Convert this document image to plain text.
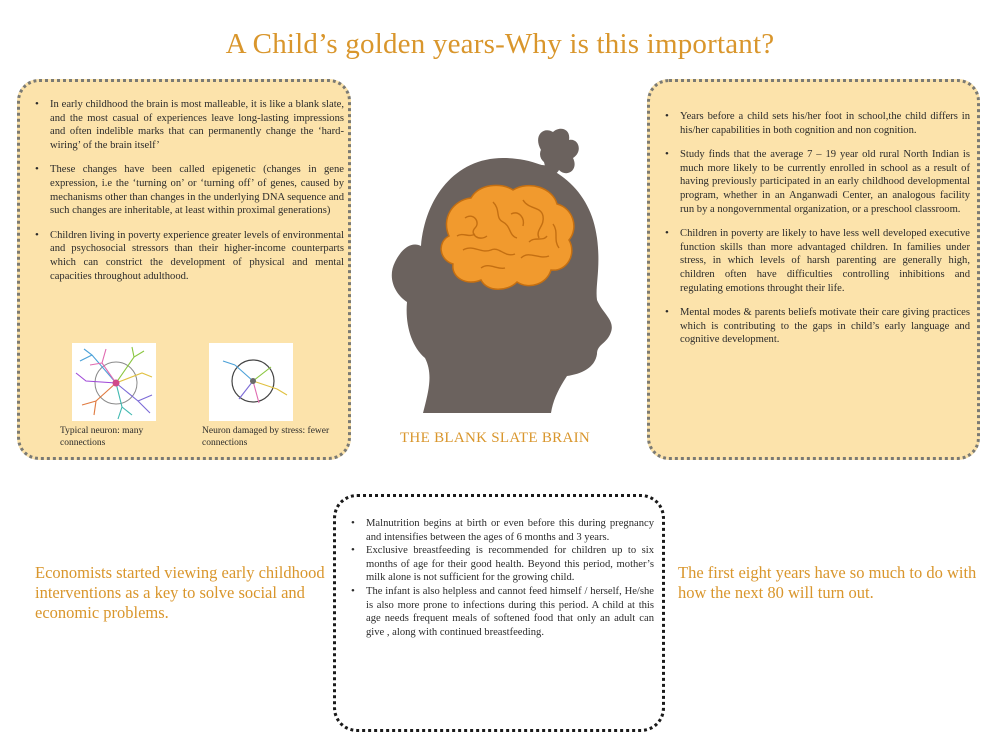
A Child’s golden years-Why is this important?
• In early childhood the brain is most malleable, it is like a blank slate, and the most casual of experiences leave long-lasting impressions and often indelible marks that can permanently change the ‘hard-wiring’ of the brain itself’
• These changes have been called epigenetic (changes in gene expression, i.e the ‘turning on’ or ‘turning off’ of genes, caused by mechanisms other than changes in the underlying DNA sequence and such changes are inheritable, at least within proximal generations)
• Children living in poverty experience greater levels of environmental and psychosocial stressors than their higher-income counterparts which can constrict the development of physical and mental capacities throughout adulthood.
Typical neuron: many connections
Neuron damaged by stress: fewer connections	THE BLANK SLATE BRAIN
• Years before a child sets his/her foot in school,the child differs in his/her capabilities in both cognition and non cognition.
• Study finds that the average 7 – 19 year old rural North Indian is much more likely to be currently enrolled in school as a result of having previously participated in an early childhood developmental program, whether in an Anganwadi Center, an analogous facility run by a nongovernmental organization, or a preschool classroom.
• Children in poverty are likely to have less well developed executive function skills than more advantaged children. In families under stress, in which levels of harsh parenting are generally high, children often have difficulties controlling inhibitions and regulating emotions throught their life.
• Mental modes & parents beliefs motivate their care giving practices which is contributing to the gaps in child’s early language and cognitive development.
Economists started viewing early childhood interventions as a key to solve social and economic problems.
The first eight years have so much to do with how the next 80 will turn out.
• Malnutrition begins at birth or even before this during pregnancy and intensifies between the ages of 6 months and 3 years.
• Exclusive breastfeeding is recommended for children up to six months of age for their good health. Beyond this period, mother’s milk alone is not sufficient for the growing child.
• The infant is also helpless and cannot feed himself / herself, He/she is also more prone to infections during this period. A child at this age needs frequent meals of softened food that only an adult can give , along with continued breastfeeding.
